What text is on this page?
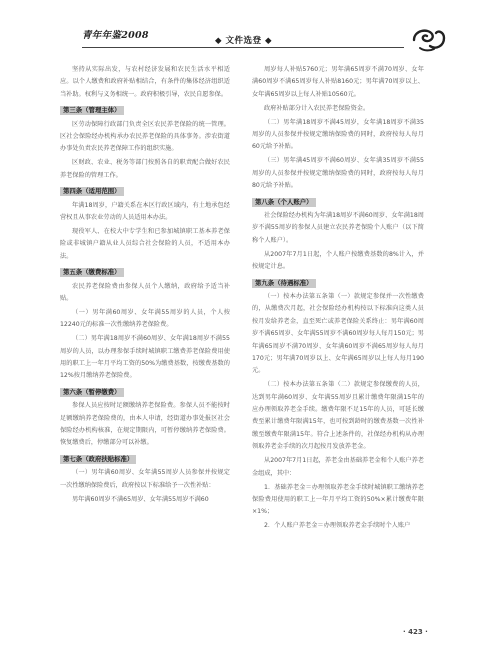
青年年鉴2008	◆ 文件选登 ◆

坚持从实际出发，与农村经济发展和农民生活水平相适应。以个人缴费和政府补贴相结合，有条件的集体经济组织适当补助。权利与义务相统一。政府积极引导，农民自愿参保。

第三条（管理主体）

区劳动保障行政部门负责全区农民养老保险的统一管理。区社会保险经办机构承办农民养老保险的具体事务。涉农街道办事处负责农民养老保障工作的组织实施。

区财政、农业、税务等部门按照各自的职责配合做好农民养老保险的管理工作。

第四条（适用范围）

年满18周岁，户籍关系在本区行政区域内，有土地承包经营权且从事农业劳动的人员适用本办法。

现役军人、在校大中专学生和已参加城镇职工基本养老保险或非城镇户籍从业人员综合社会保险的人员，不适用本办法。

第五条（缴费标准）

农民养老保险费由参保人员个人缴纳，政府给予适当补贴。

（一）男年满60周岁、女年满55周岁的人员，个人按12240元的标准一次性缴纳养老保险费。

（二）男年满18周岁不满60周岁、女年满18周岁不满55周岁的人员，以办理参保手续时城镇职工缴费养老保险费用使用的职工上一年月平均工资的50%为缴费基数，按缴费基数的12%按月缴纳养老保险费。

第六条（暂停缴费）

参保人员应按时足额缴纳养老保险费。参保人员不能按时足额缴纳养老保险费的，由本人申请，经街道办事处报区社会保险经办机构核准，在规定期限内，可暂停缴纳养老保险费。恢复缴费后，停缴部分可以补缴。

第七条（政府扶贴标准）

（一）男年满60周岁、女年满55周岁人员参保并按规定一次性缴纳保险费后，政府按以下标准给予一次性补贴：

男年满60周岁不满65周岁、女年满55周岁不满60

周岁每人补贴5760元；男年满65周岁不满70周岁、女年满60周岁不满65周岁每人补贴8160元；男年满70周岁以上、女年满65周岁以上每人补贴10560元。

政府补贴部分计入农民养老保险资金。

（二）男年满18周岁不满45周岁，女年满18周岁不满35周岁的人员参保并按规定缴纳保险费的同时，政府按每人每月60元给予补贴。

（三）男年满45周岁不满60周岁、女年满35周岁不满55周岁的人员参保并按规定缴纳保险费的同时，政府按每人每月80元给予补贴。

第八条（个人账户）

社会保险经办机构为年满18周岁不满60周岁、女年满18周岁不满55周岁的参保人员建立农民养老保险个人账户（以下简称个人账户）。

从2007年7月1日起，个人账户按缴费基数的8%计入，并按规定计息。

第九条（待遇标准）

（一）按本办法第五条第（一）款规定参保并一次性缴费的，从缴费次月起，社会保险经办机构按以下标准向这类人员按月发给养老金，直至死亡或养老保险关系终止：男年满60周岁不满65周岁、女年满55周岁不满60周岁每人每月150元；男年满65周岁不满70周岁、女年满60周岁不满65周岁每人每月170元；男年满70周岁以上、女年满65周岁以上每人每月190元。

（二）按本办法第五条第（二）款规定参保缴费的人员，达到男年满60周岁、女年满55周岁且累计缴费年限满15年的应办理领取养老金手续。缴费年限不足15年的人员，可延长缴费至累计缴费年限满15年，也可按到龄时的缴费基数一次性补缴至缴费年限满15年。符合上述条件的，社保经办机构从办理领取养老金手续的次月起按月发放养老金。

从2007年7月1日起，养老金由基础养老金和个人账户养老金组成，其中：

1．基础养老金＝办理领取养老金手续时城镇职工缴纳养老保险费用使用的职工上一年月平均工资的50%×累计缴费年限×1%；

2．个人账户养老金＝办理领取养老金手续时个人账户

· 423 ·
